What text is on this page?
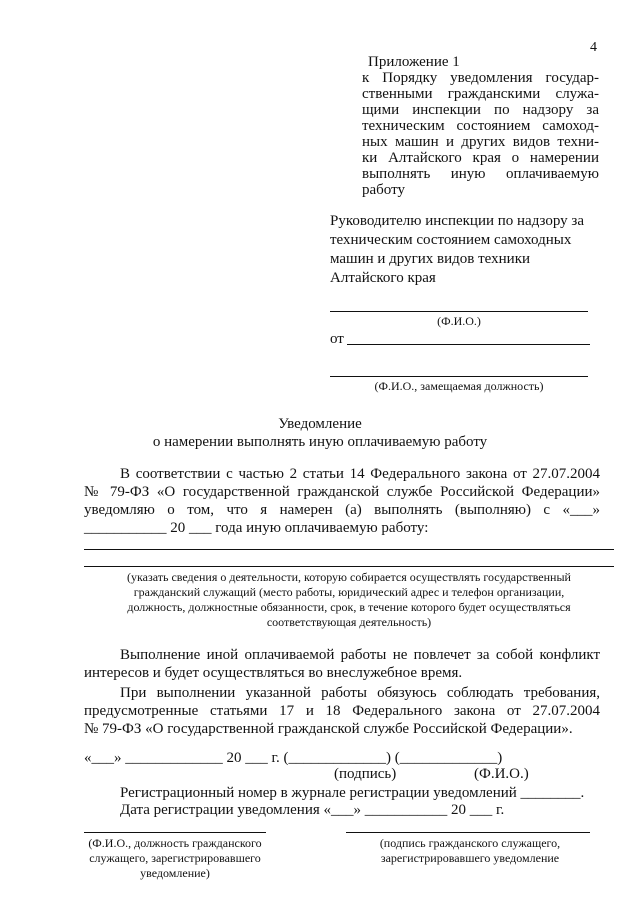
4
Приложение 1
к Порядку уведомления государ-
ственными гражданскими служа-
щими инспекции по надзору за
техническим состоянием самоход-
ных машин и других видов техни-
ки Алтайского края о намерении
выполнять иную оплачиваемую
работу
Руководителю инспекции по надзору за
техническим состоянием самоходных
машин и других видов техники
Алтайского края
(Ф.И.О.)
от
(Ф.И.О., замещаемая должность)
Уведомление
о намерении выполнять иную оплачиваемую работу
В соответствии с частью 2 статьи 14 Федерального закона от 27.07.2004
№ 79-ФЗ «О государственной гражданской службе Российской Федерации»
уведомляю о том, что я намерен (а) выполнять (выполняю) с «___»
___________ 20 ___ года иную оплачиваемую работу:
(указать сведения о деятельности, которую собирается осуществлять государственный
гражданский служащий (место работы, юридический адрес и телефон организации,
должность, должностные обязанности, срок, в течение которого будет осуществляться
соответствующая деятельность)
Выполнение иной оплачиваемой работы не повлечет за собой конфликт
интересов и будет осуществляться во внеслужебное время.
При выполнении указанной работы обязуюсь соблюдать требования,
предусмотренные статьями 17 и 18 Федерального закона от 27.07.2004
№ 79-ФЗ «О государственной гражданской службе Российской Федерации».
«___» _____________ 20 ___ г. (_____________) (_____________)
(подпись)	(Ф.И.О.)
Регистрационный номер в журнале регистрации уведомлений ________.
Дата регистрации уведомления «___» ___________ 20 ___ г.
(Ф.И.О., должность гражданского
служащего, зарегистрировавшего
уведомление)
(подпись гражданского служащего,
зарегистрировавшего уведомление
